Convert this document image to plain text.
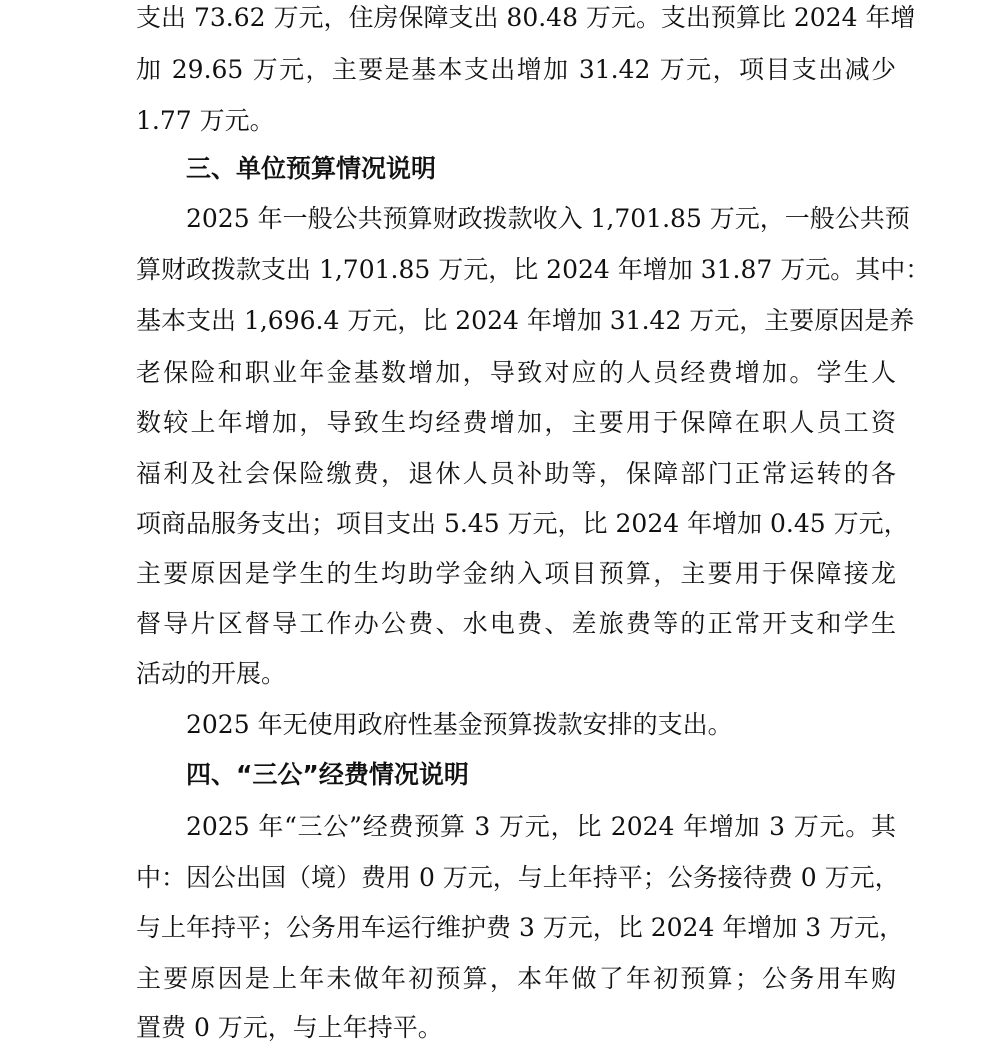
支出 73.62 万元，住房保障支出 80.48 万元。支出预算比 2024 年增
加 29.65 万元，主要是基本支出增加 31.42 万元，项目支出减少
1.77 万元。
三、单位预算情况说明
2025 年一般公共预算财政拨款收入 1,701.85 万元，一般公共预
算财政拨款支出 1,701.85 万元，比 2024 年增加 31.87 万元。其中：
基本支出 1,696.4 万元，比 2024 年增加 31.42 万元，主要原因是养
老保险和职业年金基数增加，导致对应的人员经费增加。学生人
数较上年增加，导致生均经费增加，主要用于保障在职人员工资
福利及社会保险缴费，退休人员补助等，保障部门正常运转的各
项商品服务支出；项目支出 5.45 万元，比 2024 年增加 0.45 万元，
主要原因是学生的生均助学金纳入项目预算，主要用于保障接龙
督导片区督导工作办公费、水电费、差旅费等的正常开支和学生
活动的开展。
2025 年无使用政府性基金预算拨款安排的支出。
四、“三公”经费情况说明
2025 年“三公”经费预算 3 万元，比 2024 年增加 3 万元。其
中：因公出国（境）费用 0 万元，与上年持平；公务接待费 0 万元，
与上年持平；公务用车运行维护费 3 万元，比 2024 年增加 3 万元，
主要原因是上年未做年初预算，本年做了年初预算；公务用车购
置费 0 万元，与上年持平。
